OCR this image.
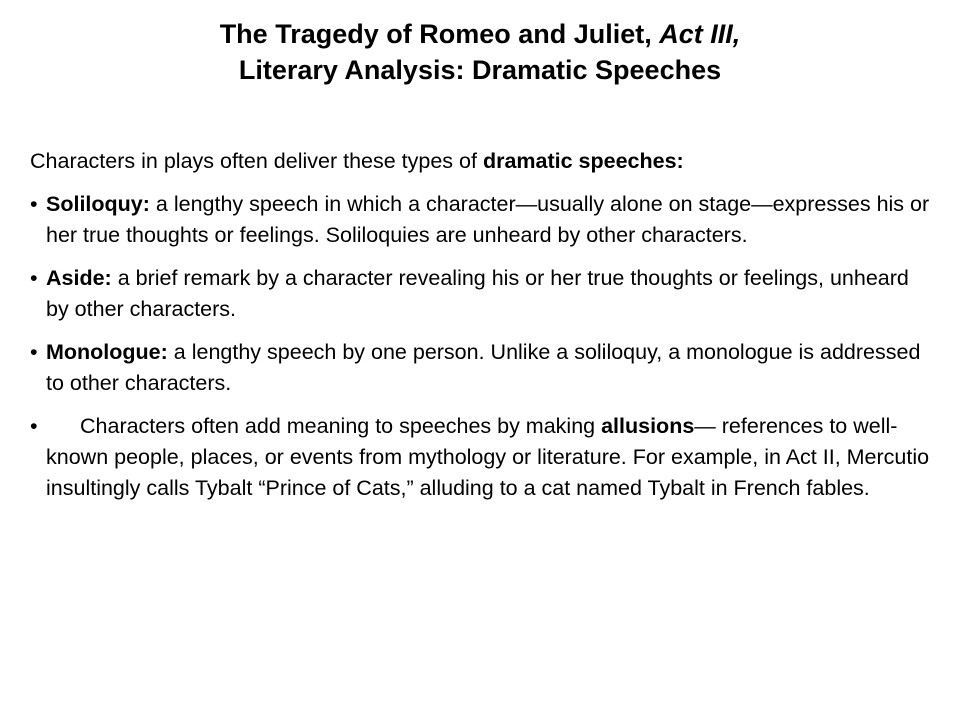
The Tragedy of Romeo and Juliet, Act III,
Literary Analysis: Dramatic Speeches
Characters in plays often deliver these types of dramatic speeches:
• Soliloquy: a lengthy speech in which a character—usually alone on stage—expresses his or her true thoughts or feelings. Soliloquies are unheard by other characters.
• Aside: a brief remark by a character revealing his or her true thoughts or feelings, unheard by other characters.
• Monologue: a lengthy speech by one person. Unlike a soliloquy, a monologue is addressed to other characters.
•	Characters often add meaning to speeches by making allusions— references to well-known people, places, or events from mythology or literature. For example, in Act II, Mercutio insultingly calls Tybalt “Prince of Cats,” alluding to a cat named Tybalt in French fables.
